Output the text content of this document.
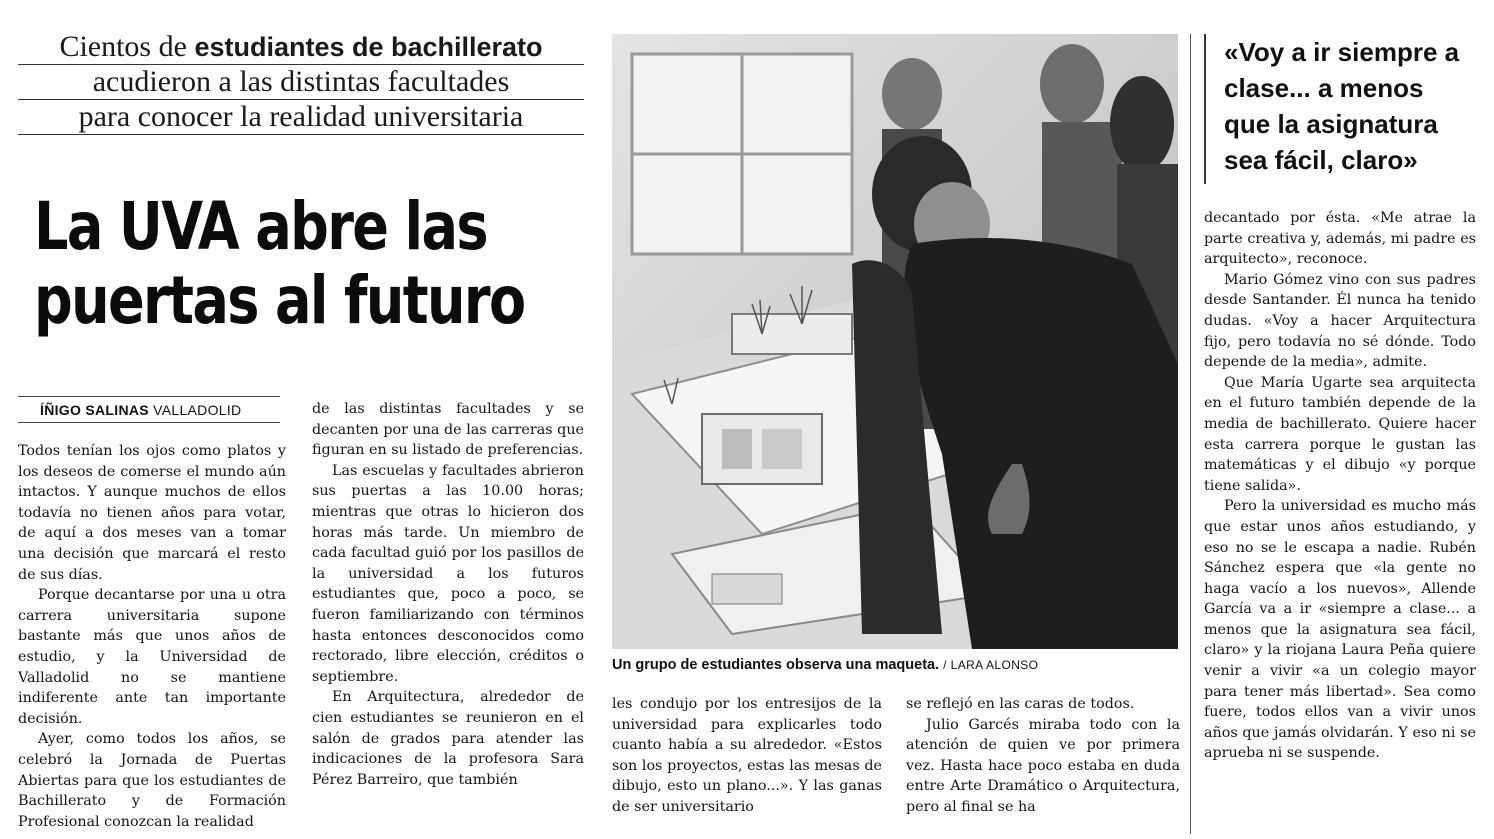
Cientos de estudiantes de bachillerato
acudieron a las distintas facultades
para conocer la realidad universitaria
La UVA abre las
puertas al futuro
ÍÑIGO SALINAS VALLADOLID

Todos tenían los ojos como platos y los deseos de comerse el mundo aún intactos. Y aunque muchos de ellos todavía no tienen años para votar, de aquí a dos meses van a tomar una decisión que marcará el resto de sus días.

Porque decantarse por una u otra carrera universitaria supone bastante más que unos años de estudio, y la Universidad de Valladolid no se mantiene indiferente ante tan importante decisión.

Ayer, como todos los años, se celebró la Jornada de Puertas Abiertas para que los estudiantes de Bachillerato y de Formación Profesional conozcan la realidad

de las distintas facultades y se decanten por una de las carreras que figuran en su listado de preferencias.

Las escuelas y facultades abrieron sus puertas a las 10.00 horas; mientras que otras lo hicieron dos horas más tarde. Un miembro de cada facultad guió por los pasillos de la universidad a los futuros estudiantes que, poco a poco, se fueron familiarizando con términos hasta entonces desconocidos como rectorado, libre elección, créditos o septiembre.

En Arquitectura, alrededor de cien estudiantes se reunieron en el salón de grados para atender las indicaciones de la profesora Sara Pérez Barreiro, que también

Un grupo de estudiantes observa una maqueta. / LARA ALONSO

les condujo por los entresijos de la universidad para explicarles todo cuanto había a su alrededor. «Estos son los proyectos, estas las mesas de dibujo, esto un plano...». Y las ganas de ser universitario

se reflejó en las caras de todos.

Julio Garcés miraba todo con la atención de quien ve por primera vez. Hasta hace poco estaba en duda entre Arte Dramático o Arquitectura, pero al final se ha

«Voy a ir siempre a clase... a menos que la asignatura sea fácil, claro»

decantado por ésta. «Me atrae la parte creativa y, además, mi padre es arquitecto», reconoce.

Mario Gómez vino con sus padres desde Santander. Él nunca ha tenido dudas. «Voy a hacer Arquitectura fijo, pero todavía no sé dónde. Todo depende de la media», admite.

Que María Ugarte sea arquitecta en el futuro también depende de la media de bachillerato. Quiere hacer esta carrera porque le gustan las matemáticas y el dibujo «y porque tiene salida».

Pero la universidad es mucho más que estar unos años estudiando, y eso no se le escapa a nadie. Rubén Sánchez espera que «la gente no haga vacío a los nuevos», Allende García va a ir «siempre a clase... a menos que la asignatura sea fácil, claro» y la riojana Laura Peña quiere venir a vivir «a un colegio mayor para tener más libertad». Sea como fuere, todos ellos van a vivir unos años que jamás olvidarán. Y eso ni se aprueba ni se suspende.
